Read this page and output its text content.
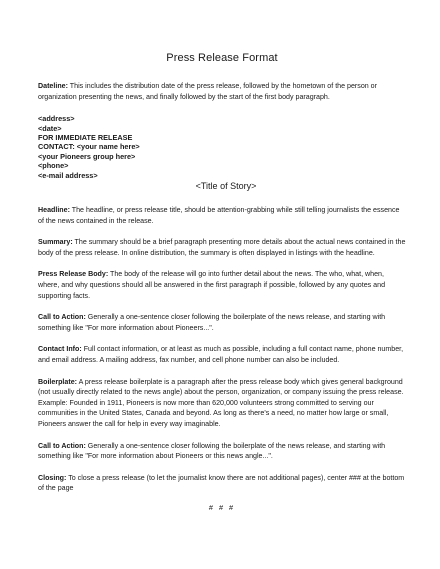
Press Release Format

Dateline: This includes the distribution date of the press release, followed by the hometown of the person or organization presenting the news, and finally followed by the start of the first body paragraph.

<address>
<date>
FOR IMMEDIATE RELEASE
CONTACT: <your name here>
<your Pioneers group here>
<phone>
<e-mail address>
<Title of Story>

Headline: The headline, or press release title, should be attention-grabbing while still telling journalists the essence of the news contained in the release.

Summary: The summary should be a brief paragraph presenting more details about the actual news contained in the body of the press release. In online distribution, the summary is often displayed in listings with the headline.

Press Release Body: The body of the release will go into further detail about the news. The who, what, when, where, and why questions should all be answered in the first paragraph if possible, followed by any quotes and supporting facts.

Call to Action: Generally a one-sentence closer following the boilerplate of the news release, and starting with something like "For more information about Pioneers...".

Contact Info: Full contact information, or at least as much as possible, including a full contact name, phone number, and email address. A mailing address, fax number, and cell phone number can also be included.

Boilerplate: A press release boilerplate is a paragraph after the press release body which gives general background (not usually directly related to the news angle) about the person, organization, or company issuing the press release. Example: Founded in 1911, Pioneers is now more than 620,000 volunteers strong committed to serving our communities in the United States, Canada and beyond. As long as there's a need, no matter how large or small, Pioneers answer the call for help in every way imaginable.

Call to Action: Generally a one-sentence closer following the boilerplate of the news release, and starting with something like "For more information about Pioneers or this news angle...".

Closing: To close a press release (to let the journalist know there are not additional pages), center ### at the bottom of the page

# # #
